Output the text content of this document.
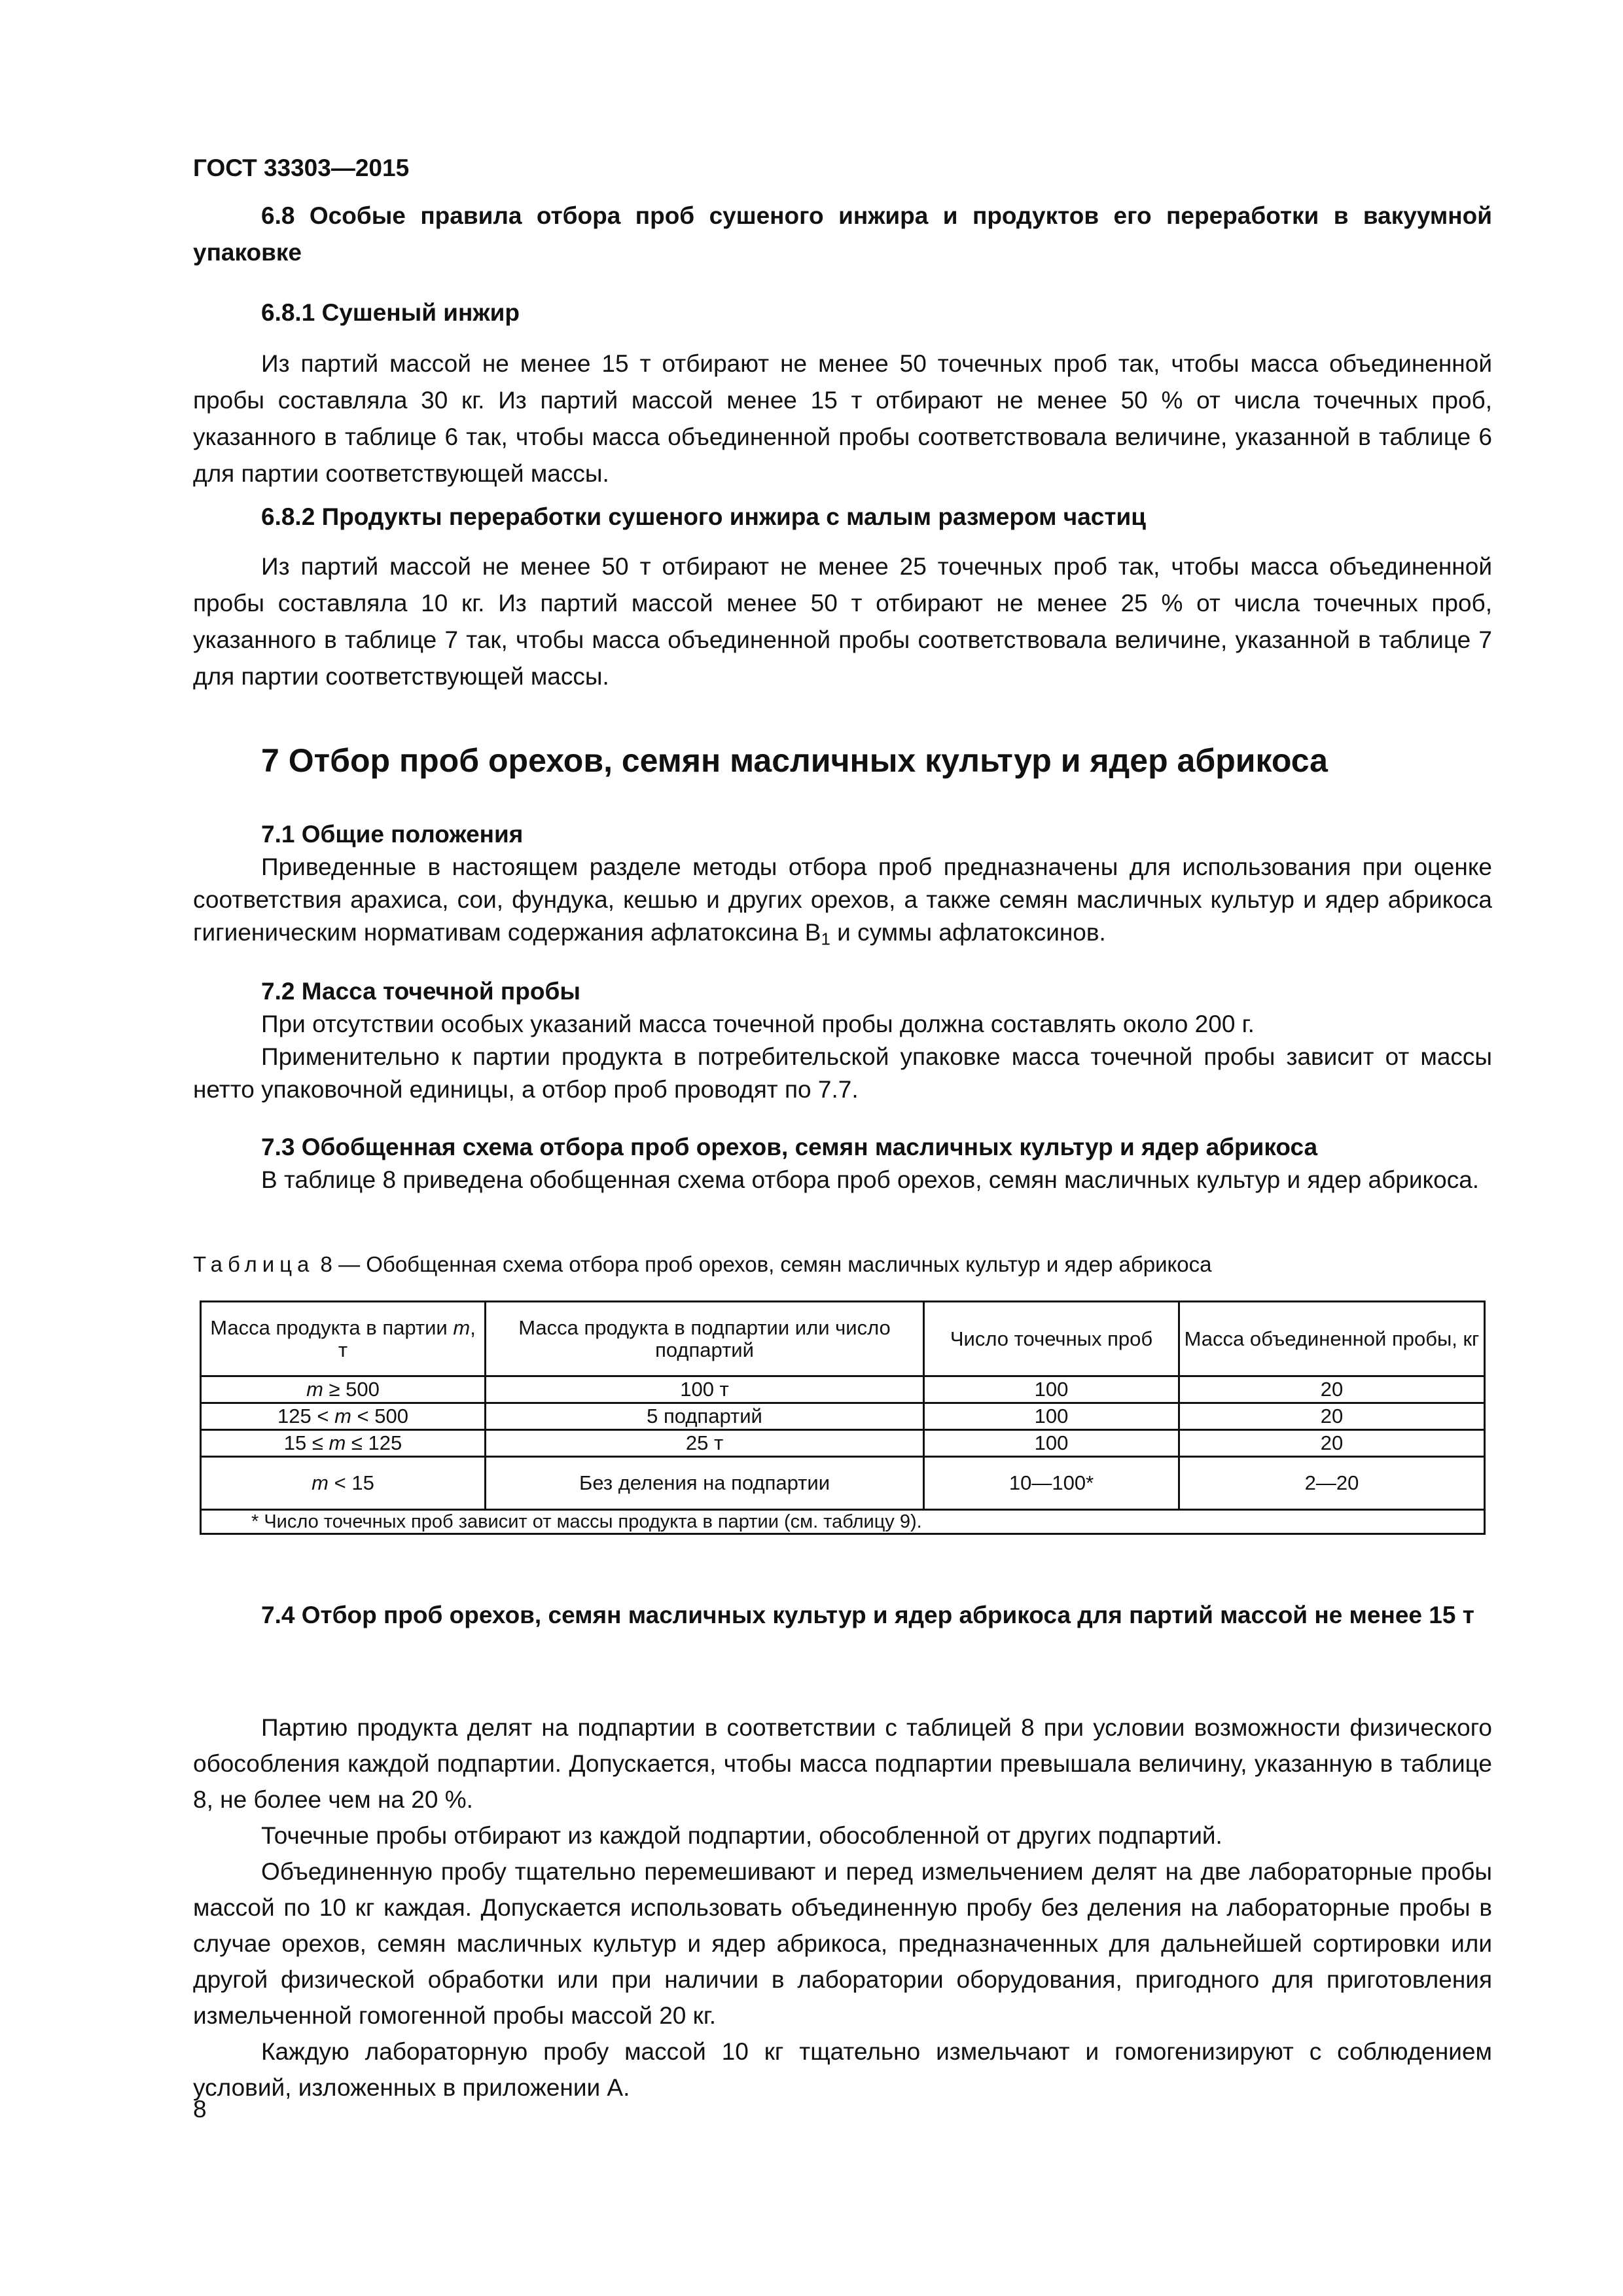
ГОСТ 33303—2015

6.8 Особые правила отбора проб сушеного инжира и продуктов его переработки в вакуумной упаковке

6.8.1 Сушеный инжир

Из партий массой не менее 15 т отбирают не менее 50 точечных проб так, чтобы масса объединенной пробы составляла 30 кг. Из партий массой менее 15 т отбирают не менее 50 % от числа точечных проб, указанного в таблице 6 так, чтобы масса объединенной пробы соответствовала величине, указанной в таблице 6 для партии соответствующей массы.

6.8.2 Продукты переработки сушеного инжира с малым размером частиц

Из партий массой не менее 50 т отбирают не менее 25 точечных проб так, чтобы масса объединенной пробы составляла 10 кг. Из партий массой менее 50 т отбирают не менее 25 % от числа точечных проб, указанного в таблице 7 так, чтобы масса объединенной пробы соответствовала величине, указанной в таблице 7 для партии соответствующей массы.

7 Отбор проб орехов, семян масличных культур и ядер абрикоса

7.1 Общие положения

Приведенные в настоящем разделе методы отбора проб предназначены для использования при оценке соответствия арахиса, сои, фундука, кешью и других орехов, а также семян масличных культур и ядер абрикоса гигиеническим нормативам содержания афлатоксина $В_1$ и суммы афлатоксинов.

7.2 Масса точечной пробы

При отсутствии особых указаний масса точечной пробы должна составлять около 200 г.

Применительно к партии продукта в потребительской упаковке масса точечной пробы зависит от массы нетто упаковочной единицы, а отбор проб проводят по 7.7.

7.3 Обобщенная схема отбора проб орехов, семян масличных культур и ядер абрикоса

В таблице 8 приведена обобщенная схема отбора проб орехов, семян масличных культур и ядер абрикоса.

Таблица 8 — Обобщенная схема отбора проб орехов, семян масличных культур и ядер абрикоса
Масса продукта в партии m, т	Масса продукта в подпартии или число подпартий	Число точечных проб	Масса объединенной пробы, кг
m ≥ 500	100 т	100	20
125 < m < 500	5 подпартий	100	20
15 ≤ m ≤ 125	25 т	100	20
m < 15	Без деления на подпартии	10—100*	2—20
* Число точечных проб зависит от массы продукта в партии (см. таблицу 9).			

7.4 Отбор проб орехов, семян масличных культур и ядер абрикоса для партий массой не менее 15 т

Партию продукта делят на подпартии в соответствии с таблицей 8 при условии возможности физического обособления каждой подпартии. Допускается, чтобы масса подпартии превышала величину, указанную в таблице 8, не более чем на 20 %.

Точечные пробы отбирают из каждой подпартии, обособленной от других подпартий.

Объединенную пробу тщательно перемешивают и перед измельчением делят на две лабораторные пробы массой по 10 кг каждая. Допускается использовать объединенную пробу без деления на лабораторные пробы в случае орехов, семян масличных культур и ядер абрикоса, предназначенных для дальнейшей сортировки или другой физической обработки или при наличии в лаборатории оборудования, пригодного для приготовления измельченной гомогенной пробы массой 20 кг.

Каждую лабораторную пробу массой 10 кг тщательно измельчают и гомогенизируют с соблюдением условий, изложенных в приложении А.

8
